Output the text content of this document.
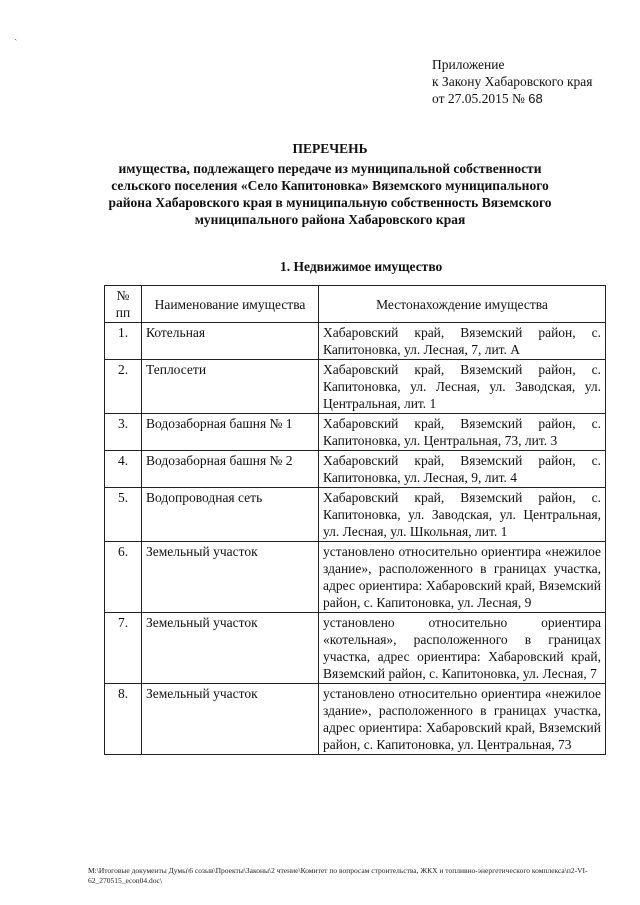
ˏ
Приложение
к Закону Хабаровского края
от 27.05.2015 № 68
ПЕРЕЧЕНЬ
имущества, подлежащего передаче из муниципальной собственности
сельского поселения «Село Капитоновка» Вяземского муниципального
района Хабаровского края в муниципальную собственность Вяземского
муниципального района Хабаровского края
1. Недвижимое имущество
№
пп	Наименование имущества	Местонахождение имущества
1.	Котельная	Хабаровский край, Вяземский район, с. Капитоновка, ул. Лесная, 7, лит. А
2.	Теплосети	Хабаровский край, Вяземский район, с. Капитоновка, ул. Лесная, ул. Заводская, ул. Центральная, лит. 1
3.	Водозаборная башня № 1	Хабаровский край, Вяземский район, с. Капитоновка, ул. Центральная, 73, лит. 3
4.	Водозаборная башня № 2	Хабаровский край, Вяземский район, с. Капитоновка, ул. Лесная, 9, лит. 4
5.	Водопроводная сеть	Хабаровский край, Вяземский район, с. Капитоновка, ул. Заводская, ул. Центральная, ул. Лесная, ул. Школьная, лит. 1
6.	Земельный участок	установлено относительно ориентира «нежилое здание», расположенного в границах участка, адрес ориентира: Хабаровский край, Вяземский район, с. Капитоновка, ул. Лесная, 9
7.	Земельный участок	установлено относительно ориентира «котельная», расположенного в границах участка, адрес ориентира: Хабаровский край, Вяземский район, с. Капитоновка, ул. Лесная, 7
8.	Земельный участок	установлено относительно ориентира «нежилое здание», расположенного в границах участка, адрес ориентира: Хабаровский край, Вяземский район, с. Капитоновка, ул. Центральная, 73
M:\Итоговые документы Думы\6 созыв\Проекты\Законы\2 чтение\Комитет по вопросам строительства, ЖКХ и топливно-энергетического комплекса\п2-VI-62_270515_econ04.doc\
